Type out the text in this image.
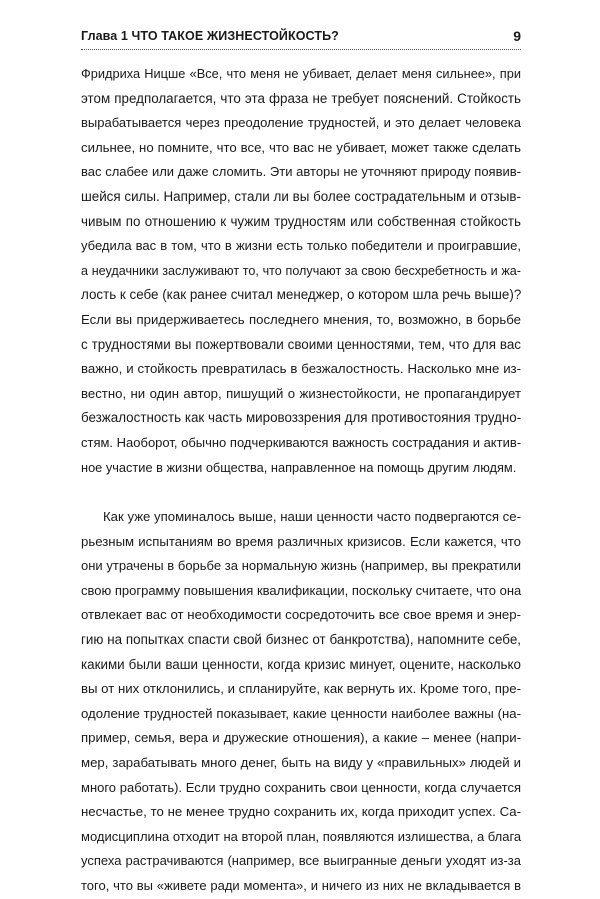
Глава 1 ЧТО ТАКОЕ ЖИЗНЕСТОЙКОСТЬ?	9
Фридриха Ницше «Все, что меня не убивает, делает меня сильнее», при
этом предполагается, что эта фраза не требует пояснений. Стойкость
вырабатывается через преодоление трудностей, и это делает человека
сильнее, но помните, что все, что вас не убивает, может также сделать
вас слабее или даже сломить. Эти авторы не уточняют природу появив-
шейся силы. Например, стали ли вы более сострадательным и отзыв-
чивым по отношению к чужим трудностям или собственная стойкость
убедила вас в том, что в жизни есть только победители и проигравшие,
а неудачники заслуживают то, что получают за свою бесхребетность и жа-
лость к себе (как ранее считал менеджер, о котором шла речь выше)?
Если вы придерживаетесь последнего мнения, то, возможно, в борьбе
с трудностями вы пожертвовали своими ценностями, тем, что для вас
важно, и стойкость превратилась в безжалостность. Насколько мне из-
вестно, ни один автор, пишущий о жизнестойкости, не пропагандирует
безжалостность как часть мировоззрения для противостояния трудно-
стям. Наоборот, обычно подчеркиваются важность сострадания и актив-
ное участие в жизни общества, направленное на помощь другим людям.
Как уже упоминалось выше, наши ценности часто подвергаются се-
рьезным испытаниям во время различных кризисов. Если кажется, что
они утрачены в борьбе за нормальную жизнь (например, вы прекратили
свою программу повышения квалификации, поскольку считаете, что она
отвлекает вас от необходимости сосредоточить все свое время и энер-
гию на попытках спасти свой бизнес от банкротства), напомните себе,
какими были ваши ценности, когда кризис минует, оцените, насколько
вы от них отклонились, и спланируйте, как вернуть их. Кроме того, пре-
одоление трудностей показывает, какие ценности наиболее важны (на-
пример, семья, вера и дружеские отношения), а какие – менее (напри-
мер, зарабатывать много денег, быть на виду у «правильных» людей и
много работать). Если трудно сохранить свои ценности, когда случается
несчастье, то не менее трудно сохранить их, когда приходит успех. Са-
модисциплина отходит на второй план, появляются излишества, а блага
успеха растрачиваются (например, все выигранные деньги уходят из-за
того, что вы «живете ради момента», и ничего из них не вкладывается в
